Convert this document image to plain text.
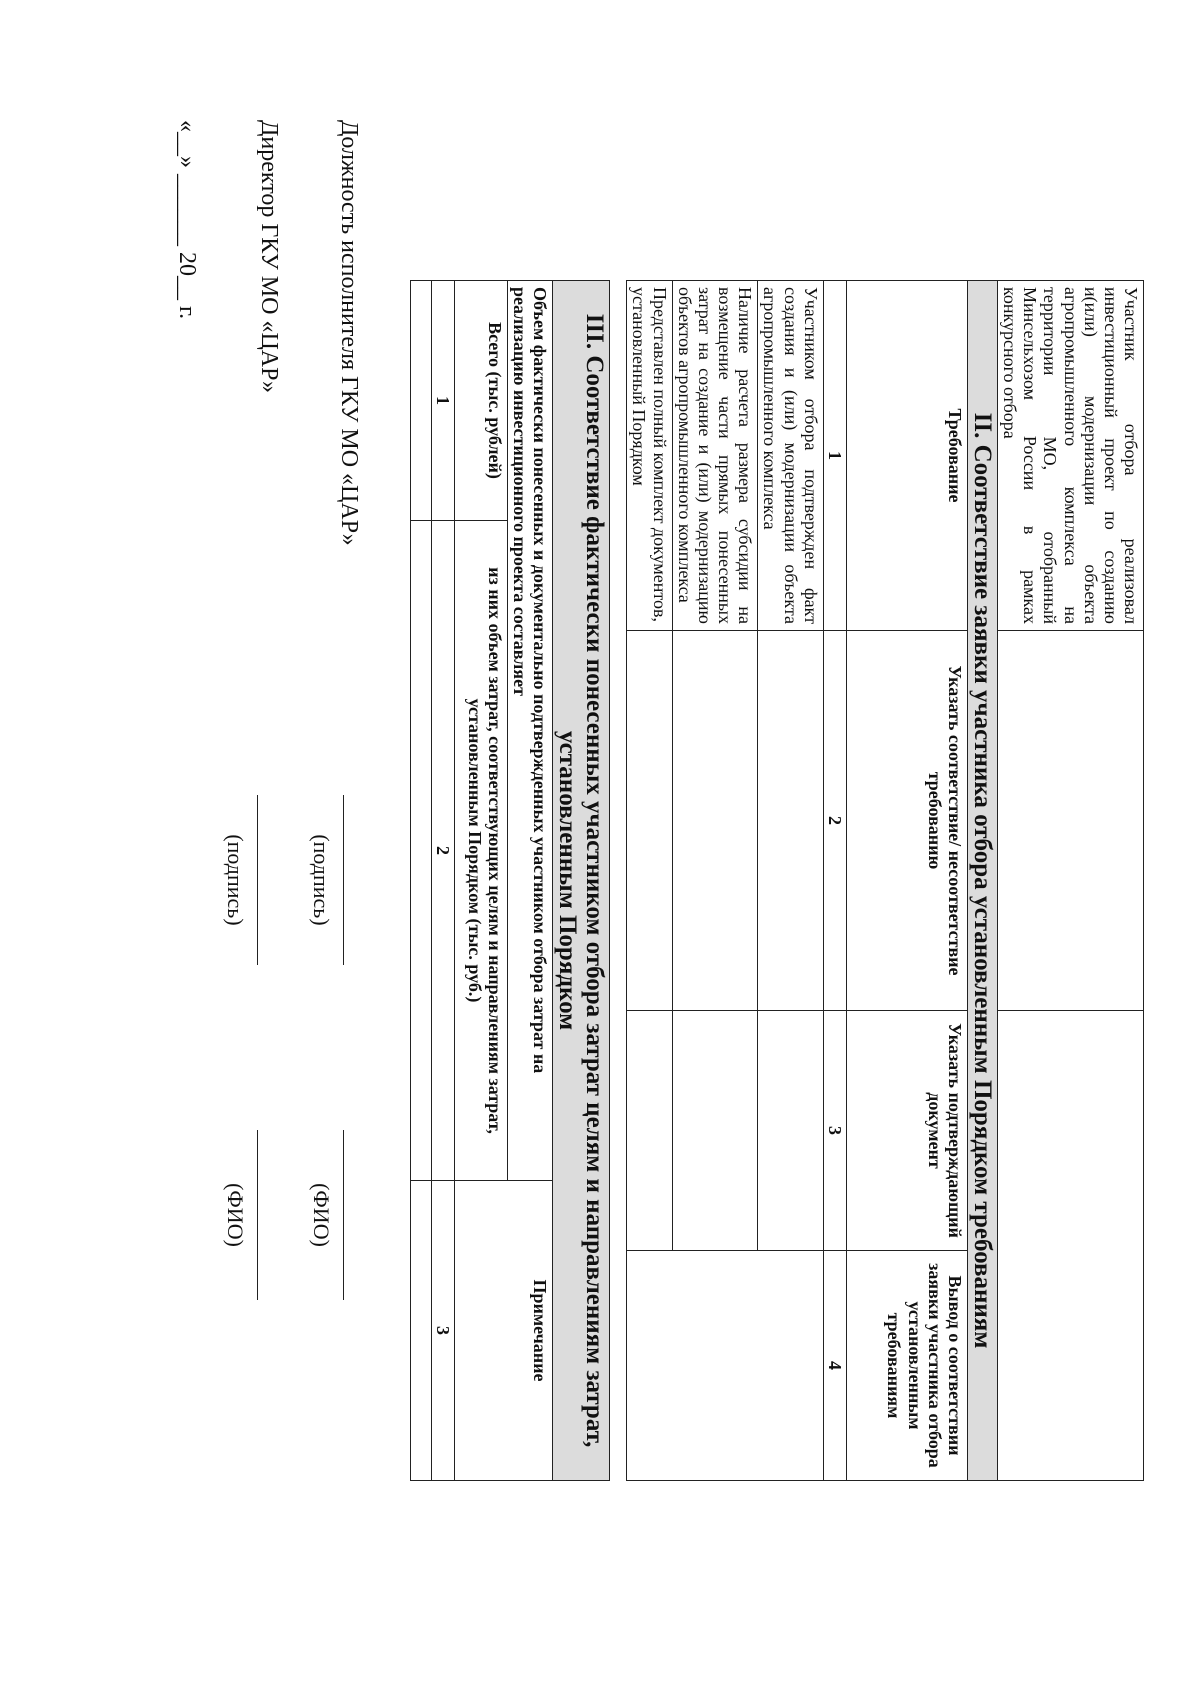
Участник отбора реализовал инвестиционный проект по созданию и(или) модернизации объекта агропромышленного комплекса на территории МО, отобранный Минсельхозом России в рамках конкурсного отбора			
II. Соответствие заявки участника отбора установленным Порядком требованиям			
Требование	Указать соответствие/ несоответствие требованию	Указать подтверждающий документ	Вывод о соответствии заявки участника отбора установленным требованиям
1	2	3	4
Участником отбора подтвержден факт создания и (или) модернизации объекта агропромышленного комплекса			
Наличие расчета размера субсидии на возмещение части прямых понесенных затрат на создание и (или) модернизацию объектов агропромышленного комплекса			
Представлен полный комплект документов, установленный Порядком			
III. Соответствие фактически понесенных участником отбора затрат целям и направлениям затрат, установленным Порядком		
Объем фактически понесенных и документально подтвержденных участником отбора затрат на реализацию инвестиционного проекта составляет		Примечание
Всего (тыс. рублей)	из них объем затрат, соответствующих целям и направлениям затрат, установленным Порядком (тыс. руб.)	
1	2	3

Должность исполнителя ГКУ МО «ЦАР»
(подпись)
(ФИО)
Директор ГКУ МО «ЦАР»
(подпись)
(ФИО)
«__» ______ 20__ г.
